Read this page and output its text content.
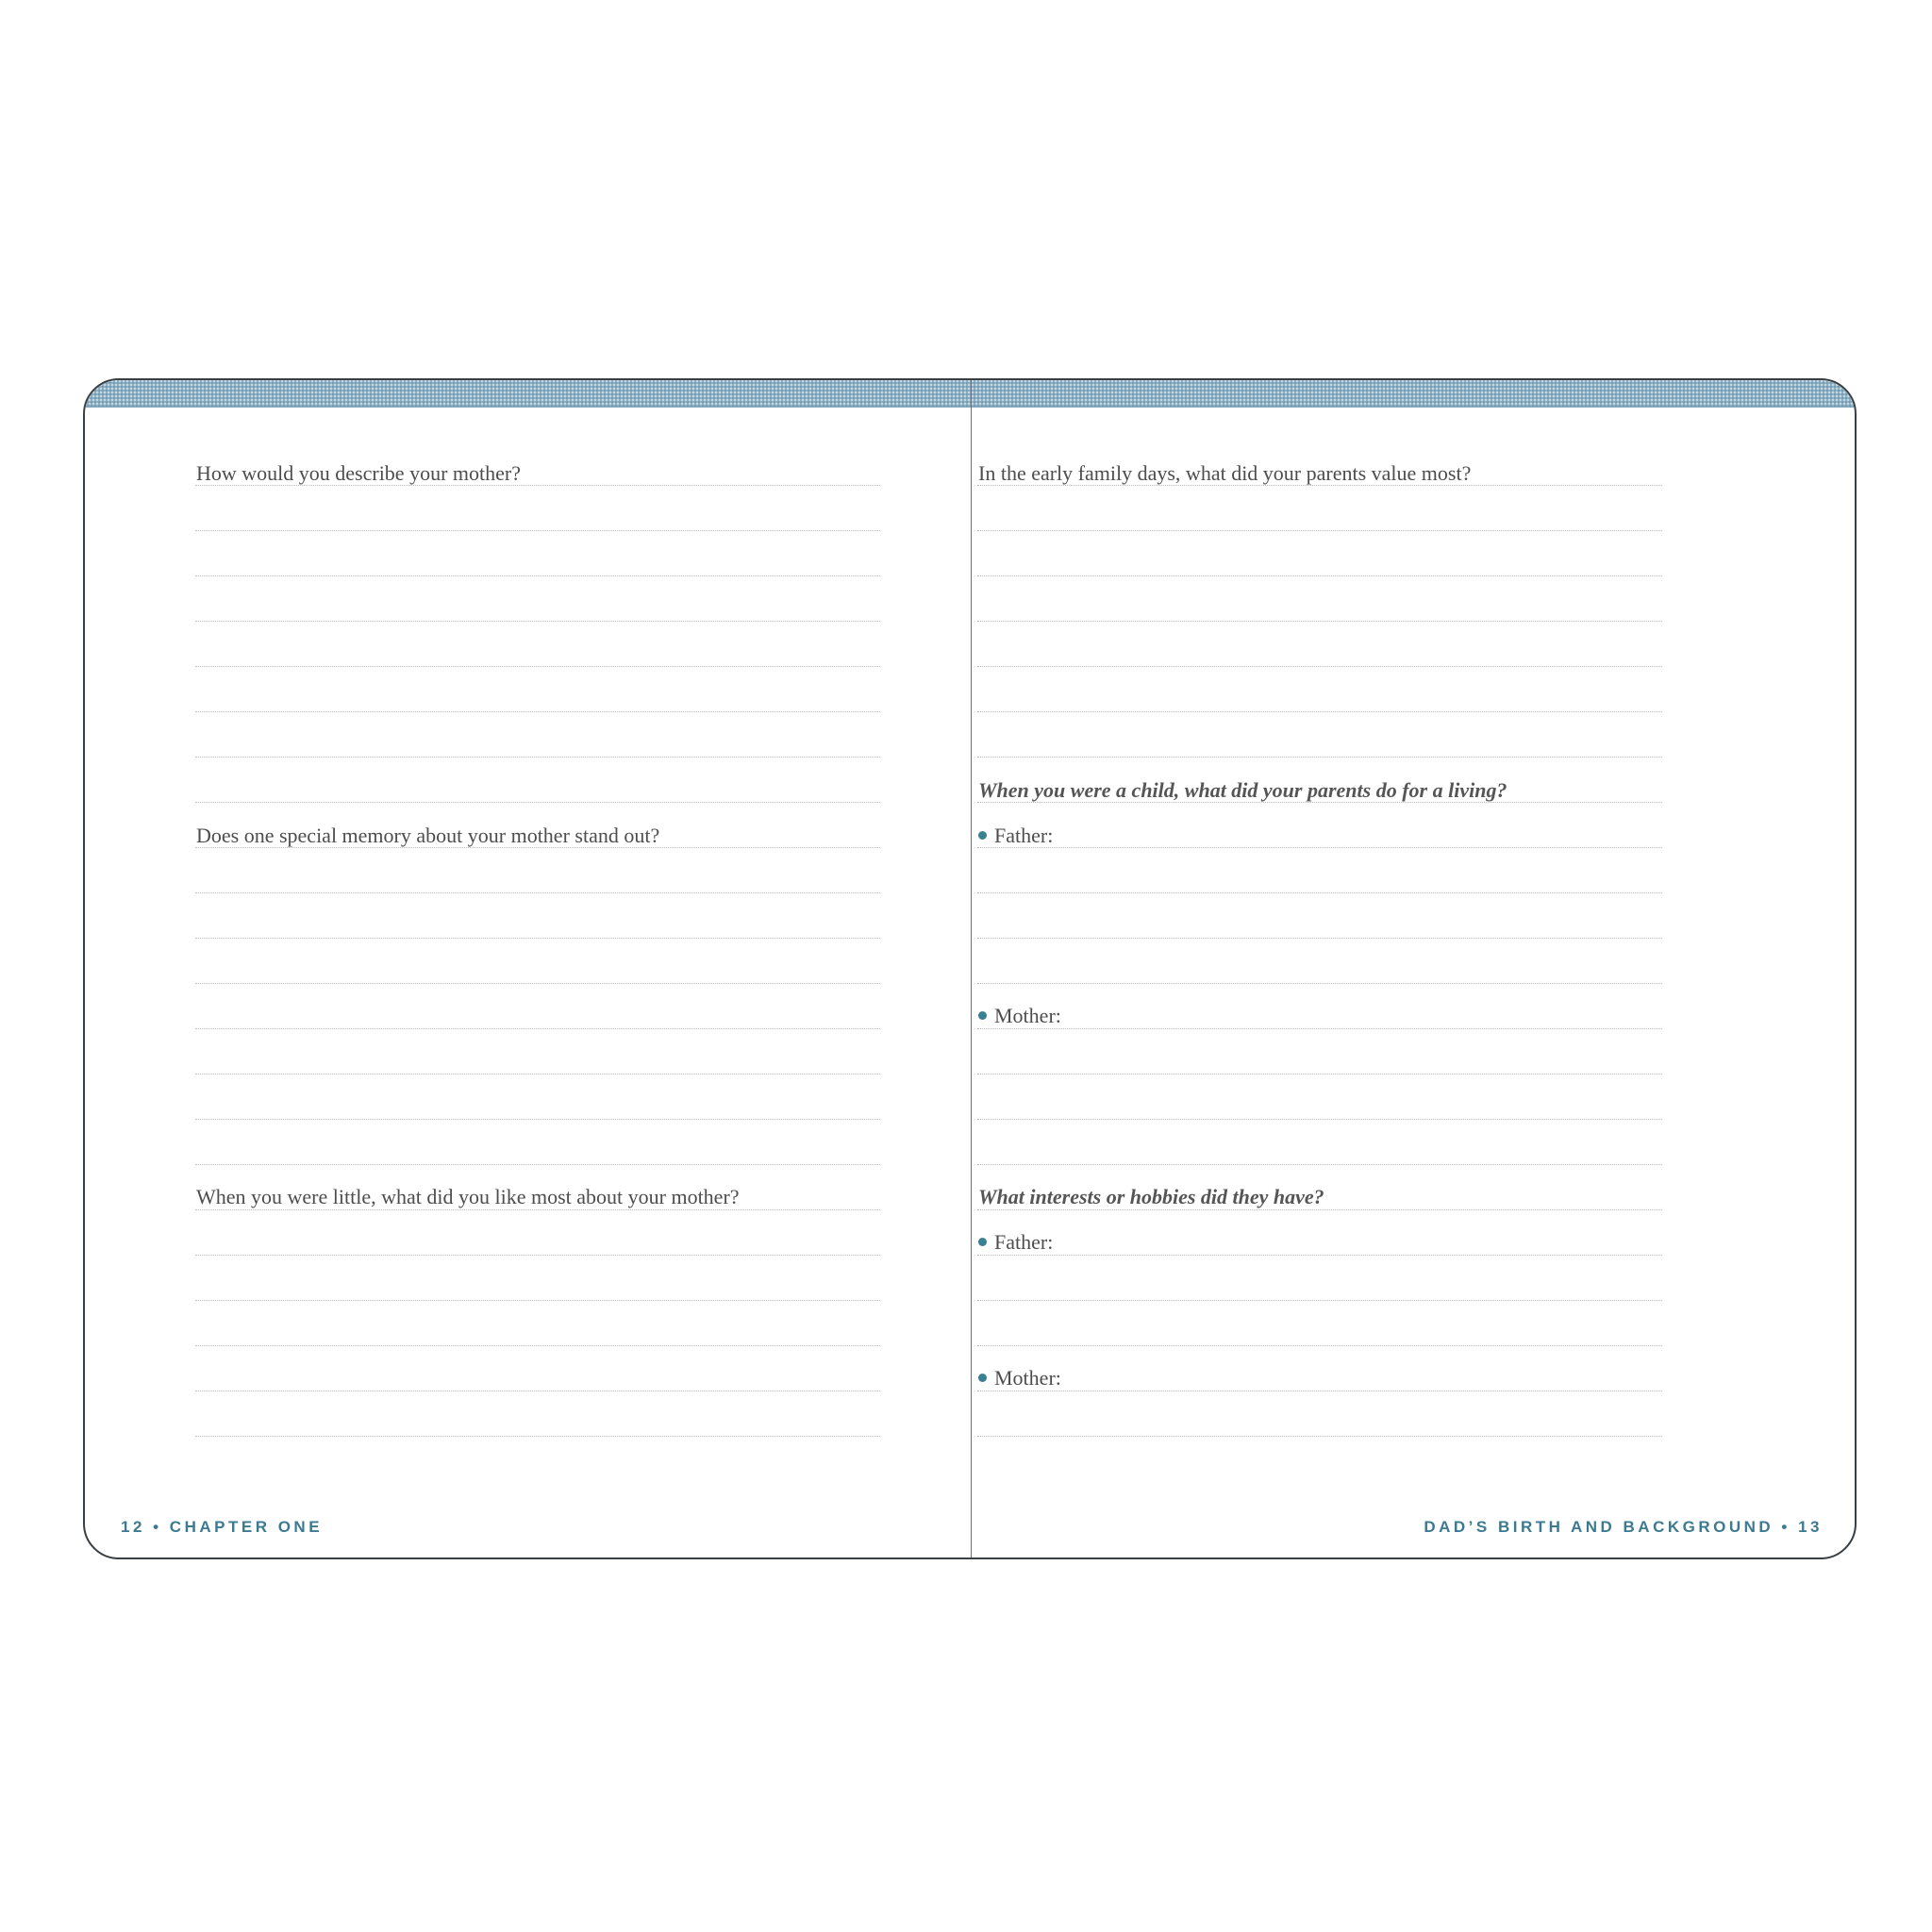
How would you describe your mother?
Does one special memory about your mother stand out?
When you were little, what did you like most about your mother?
12 • CHAPTER ONE
In the early family days, what did your parents value most?
When you were a child, what did your parents do for a living?
Father:
Mother:
What interests or hobbies did they have?
Father:
Mother:
DAD’S BIRTH AND BACKGROUND • 13
